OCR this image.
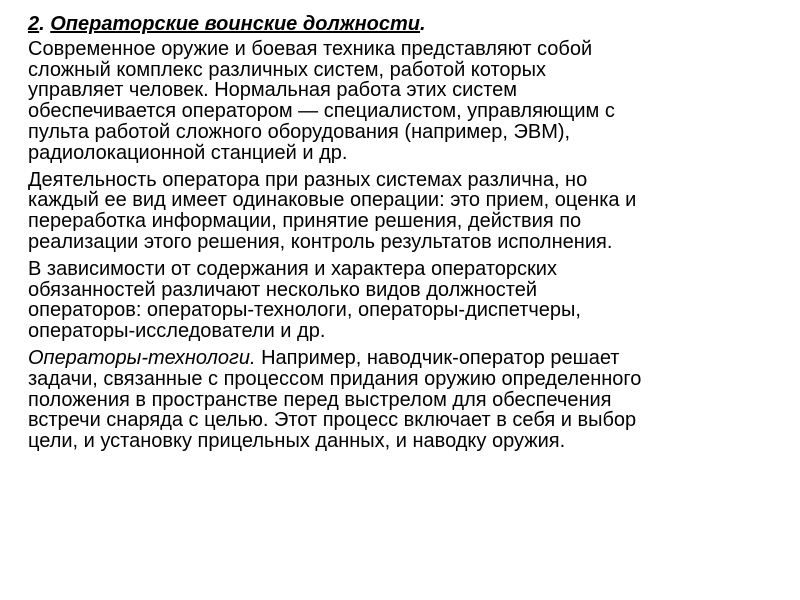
2. Операторские воинские должности.

Современное оружие и боевая техника представляют собой
сложный комплекс различных систем, работой которых
управляет человек. Нормальная работа этих систем
обеспечивается оператором — специалистом, управляющим с
пульта работой сложного оборудования (например, ЭВМ),
радиолокационной станцией и др.

Деятельность оператора при разных системах различна, но
каждый ее вид имеет одинаковые операции: это прием, оценка и
переработка информации, принятие решения, действия по
реализации этого решения, контроль результатов исполнения.

В зависимости от содержания и характера операторских
обязанностей различают несколько видов должностей
операторов: операторы-технологи, операторы-диспетчеры,
операторы-исследователи и др.

Операторы-технологи. Например, наводчик-оператор решает
задачи, связанные с процессом придания оружию определенного
положения в пространстве перед выстрелом для обеспечения
встречи снаряда с целью. Этот процесс включает в себя и выбор
цели, и установку прицельных данных, и наводку оружия.
